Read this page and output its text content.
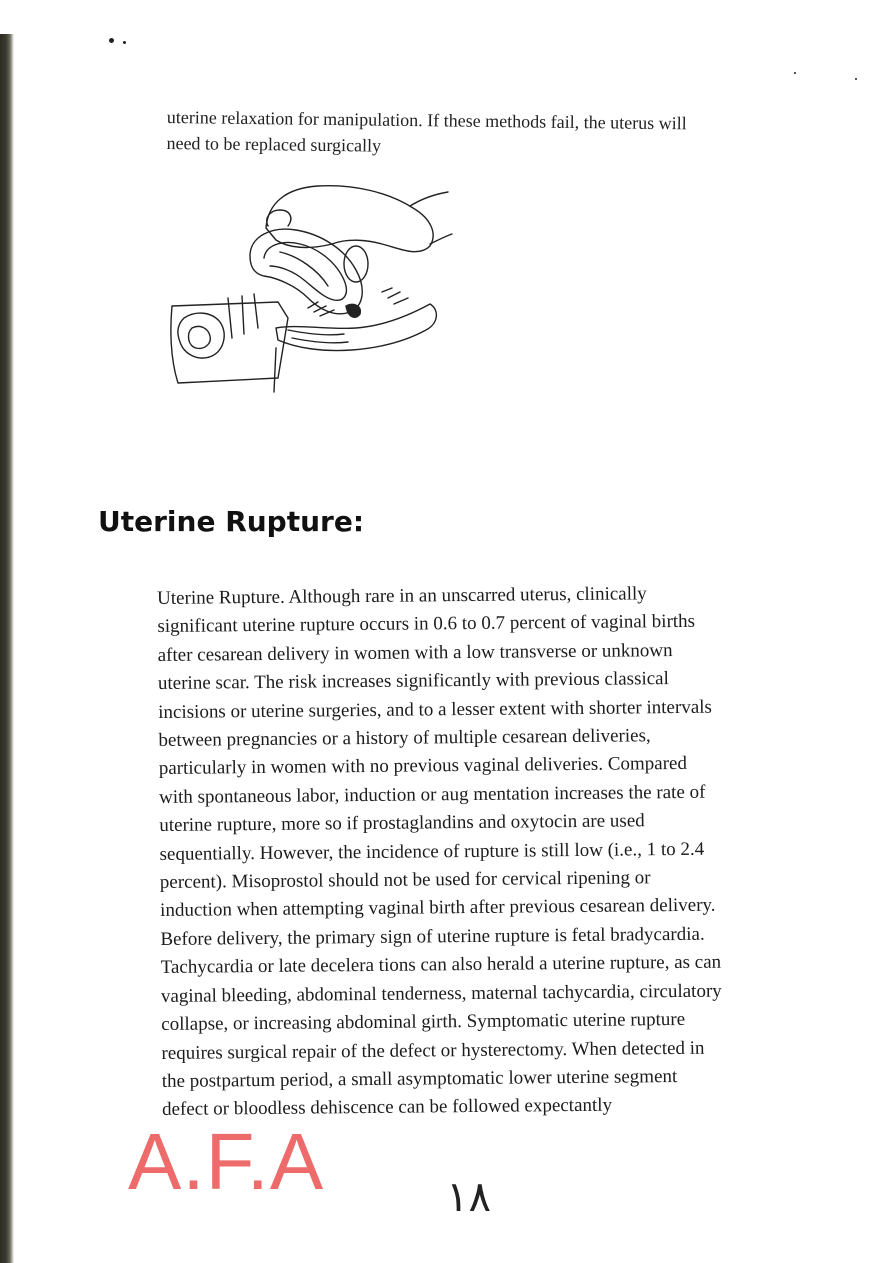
uterine relaxation for manipulation. If these methods fail, the uterus will
need to be replaced surgically
Uterine Rupture:
Uterine Rupture. Although rare in an unscarred uterus, clinically
significant uterine rupture occurs in 0.6 to 0.7 percent of vaginal births
after cesarean delivery in women with a low transverse or unknown
uterine scar. The risk increases significantly with previous classical
incisions or uterine surgeries, and to a lesser extent with shorter intervals
between pregnancies or a history of multiple cesarean deliveries,
particularly in women with no previous vaginal deliveries. Compared
with spontaneous labor, induction or aug mentation increases the rate of
uterine rupture, more so if prostaglandins and oxytocin are used
sequentially. However, the incidence of rupture is still low (i.e., 1 to 2.4
percent). Misoprostol should not be used for cervical ripening or
induction when attempting vaginal birth after previous cesarean delivery.
Before delivery, the primary sign of uterine rupture is fetal bradycardia.
Tachycardia or late decelera tions can also herald a uterine rupture, as can
vaginal bleeding, abdominal tenderness, maternal tachycardia, circulatory
collapse, or increasing abdominal girth. Symptomatic uterine rupture
requires surgical repair of the defect or hysterectomy. When detected in
the postpartum period, a small asymptomatic lower uterine segment
defect or bloodless dehiscence can be followed expectantly
A.F.A	١٨
